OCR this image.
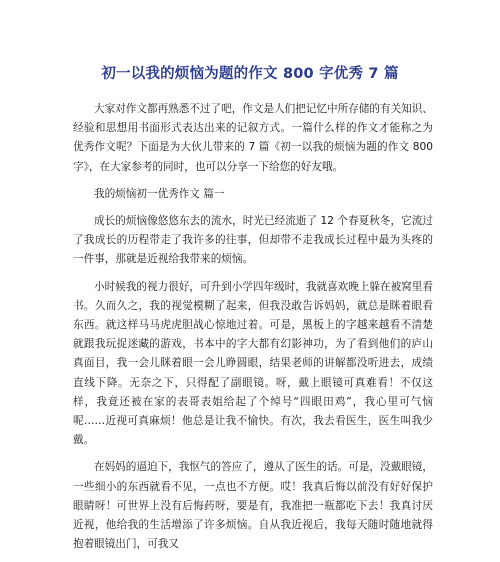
初一以我的烦恼为题的作文 800 字优秀 7 篇

大家对作文都再熟悉不过了吧，作文是人们把记忆中所存储的有关知识、经验和思想用书面形式表达出来的记叙方式。一篇什么样的作文才能称之为优秀作文呢？下面是为大伙儿带来的 7 篇《初一以我的烦恼为题的作文 800 字》，在大家参考的同时，也可以分享一下给您的好友哦。

我的烦恼初一优秀作文 篇一

成长的烦恼像悠悠东去的流水，时光已经流逝了 12 个春夏秋冬，它流过了我成长的历程带走了我许多的往事，但却带不走我成长过程中最为头疼的一件事，那就是近视给我带来的烦恼。

小时候我的视力很好，可升到小学四年级时，我就喜欢晚上躲在被窝里看书。久而久之，我的视觉模糊了起来，但我没敢告诉妈妈，就总是眯着眼看东西。就这样马马虎虎胆战心惊地过着。可是，黑板上的字越来越看不清楚就跟我玩捉迷藏的游戏，书本中的字大都有幻影神功，为了看到他们的庐山真面目，我一会儿眯着眼一会儿睁圆眼，结果老师的讲解都没听进去，成绩直线下降。无奈之下，只得配了副眼镜。呀，戴上眼镜可真难看！不仅这样，我竟还被在家的表哥表姐给起了个绰号“四眼田鸡”，我心里可气恼呢……近视可真麻烦！他总是让我不愉快。有次，我去看医生，医生叫我少戴。

在妈妈的逼迫下，我怄气的答应了，遵从了医生的话。可是，没戴眼镜，一些细小的东西就看不见，一点也不方便。哎！我真后悔以前没有好好保护眼睛呀！可世界上没有后悔药呀，要是有，我准把一瓶都吃下去！我真讨厌近视，他给我的生活增添了许多烦恼。自从我近视后，我每天随时随地就得抱着眼镜出门，可我又
